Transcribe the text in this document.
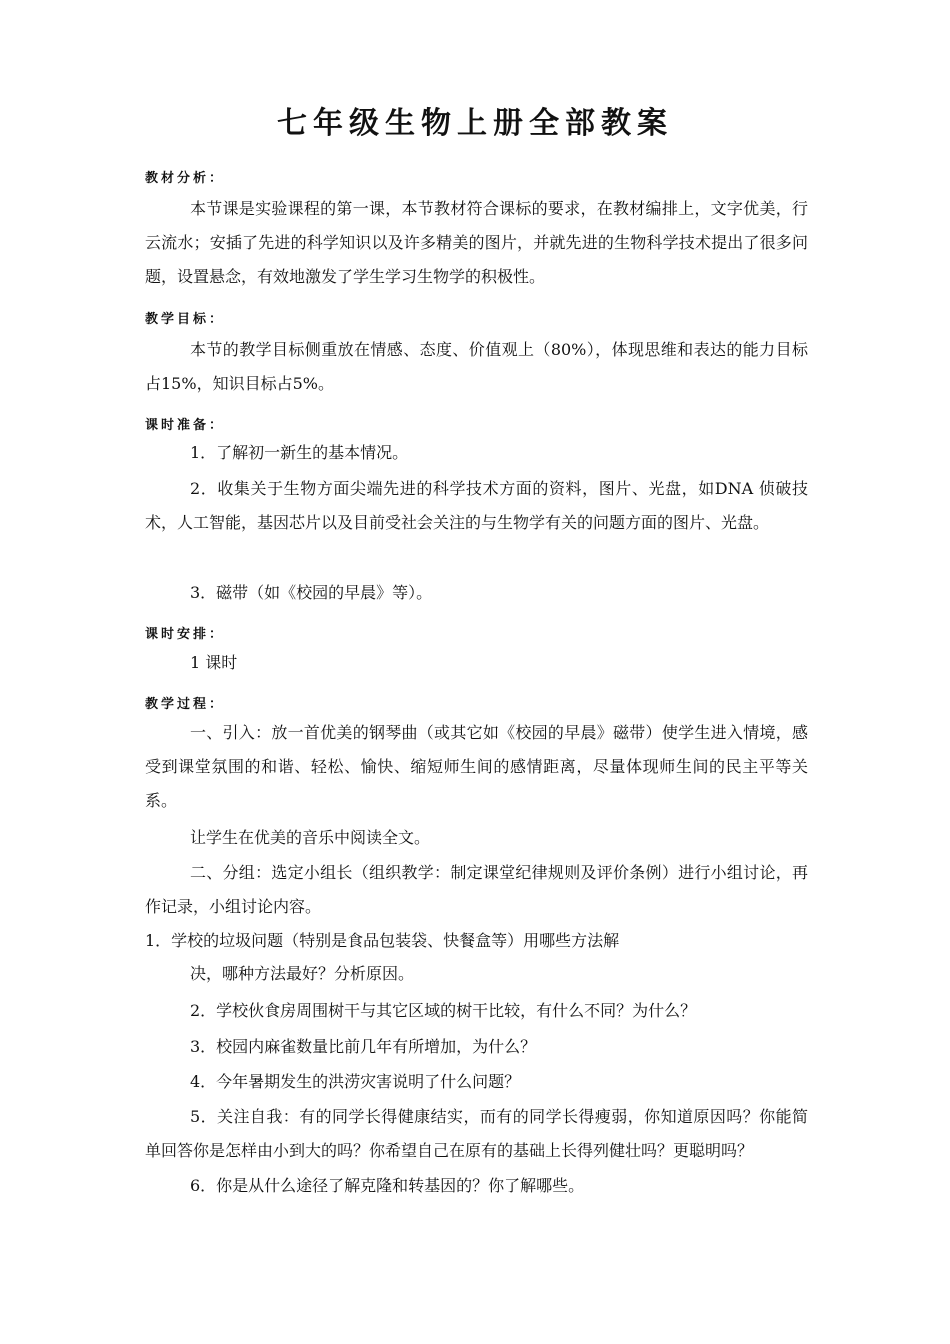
七年级生物上册全部教案
教材分析：

本节课是实验课程的第一课，本节教材符合课标的要求，在教材编排上，文字优美，行云流水；安插了先进的科学知识以及许多精美的图片，并就先进的生物科学技术提出了很多问题，设置悬念，有效地激发了学生学习生物学的积极性。

教学目标：

本节的教学目标侧重放在情感、态度、价值观上（80%），体现思维和表达的能力目标占15%，知识目标占5%。

课时准备：

1．了解初一新生的基本情况。

2．收集关于生物方面尖端先进的科学技术方面的资料，图片、光盘，如DNA 侦破技术，人工智能，基因芯片以及目前受社会关注的与生物学有关的问题方面的图片、光盘。

3．磁带（如《校园的早晨》等）。

课时安排：

1 课时

教学过程：

一、引入：放一首优美的钢琴曲（或其它如《校园的早晨》磁带）使学生进入情境，感受到课堂氛围的和谐、轻松、愉快、缩短师生间的感情距离，尽量体现师生间的民主平等关系。

让学生在优美的音乐中阅读全文。

二、分组：选定小组长（组织教学：制定课堂纪律规则及评价条例）进行小组讨论，再作记录，小组讨论内容。

1．学校的垃圾问题（特别是食品包装袋、快餐盒等）用哪些方法解
决，哪种方法最好？分析原因。

2．学校伙食房周围树干与其它区域的树干比较，有什么不同？为什么？

3．校园内麻雀数量比前几年有所增加，为什么？

4．今年暑期发生的洪涝灾害说明了什么问题？

5．关注自我：有的同学长得健康结实，而有的同学长得瘦弱，你知道原因吗？你能简单回答你是怎样由小到大的吗？你希望自己在原有的基础上长得列健壮吗？更聪明吗？

6．你是从什么途径了解克隆和转基因的？你了解哪些。
